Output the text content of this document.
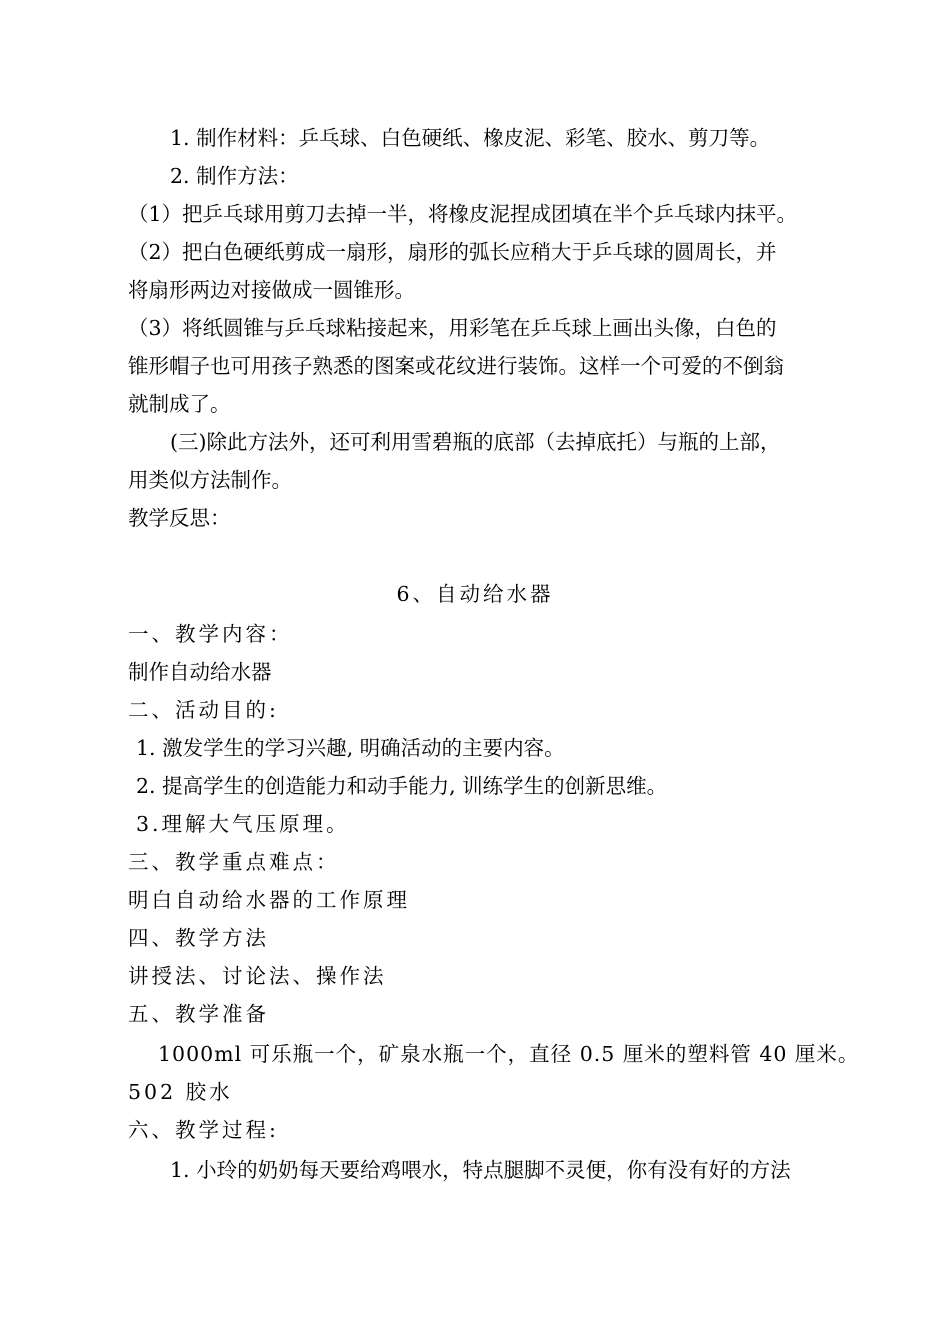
1. 制作材料：乒乓球、白色硬纸、橡皮泥、彩笔、胶水、剪刀等。
2. 制作方法：
（1）把乒乓球用剪刀去掉一半，将橡皮泥捏成团填在半个乒乓球内抹平。
（2）把白色硬纸剪成一扇形，扇形的弧长应稍大于乒乓球的圆周长，并
将扇形两边对接做成一圆锥形。
（3）将纸圆锥与乒乓球粘接起来，用彩笔在乒乓球上画出头像，白色的
锥形帽子也可用孩子熟悉的图案或花纹进行装饰。这样一个可爱的不倒翁
就制成了。
(三)除此方法外，还可利用雪碧瓶的底部（去掉底托）与瓶的上部，
用类似方法制作。
教学反思：
6、自动给水器
一、教学内容：
制作自动给水器
二、活动目的:
1. 激发学生的学习兴趣, 明确活动的主要内容。
2. 提高学生的创造能力和动手能力, 训练学生的创新思维。
3.理解大气压原理。
三、教学重点难点：
明白自动给水器的工作原理
四、教学方法
讲授法、讨论法、操作法
五、教学准备
1000ml 可乐瓶一个，矿泉水瓶一个，直径 0.5 厘米的塑料管 40 厘米。
502 胶水
六、教学过程:
1. 小玲的奶奶每天要给鸡喂水，特点腿脚不灵便，你有没有好的方法
